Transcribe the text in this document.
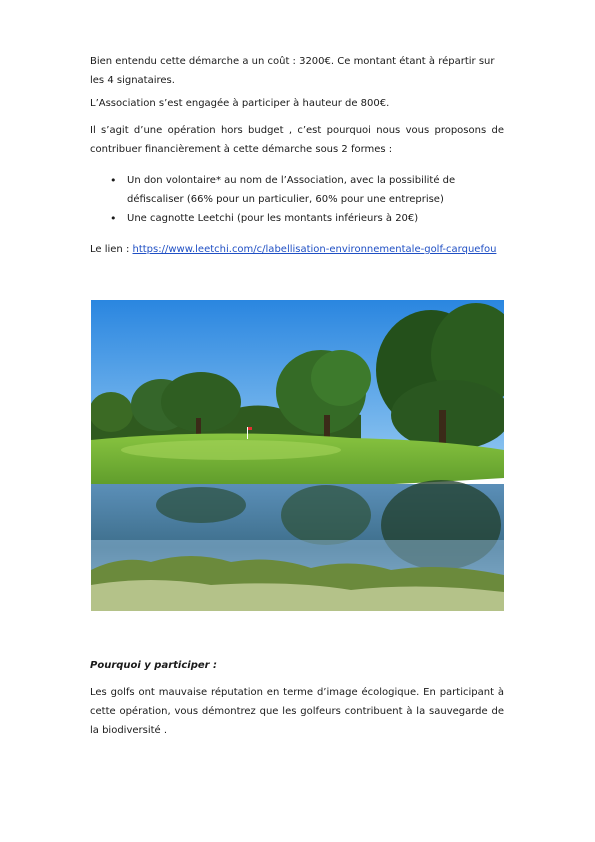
Bien entendu cette démarche a un coût : 3200€. Ce montant étant à répartir sur les 4 signataires.

L’Association s’est engagée à participer à hauteur de 800€.

Il s’agit d’une opération hors budget , c’est pourquoi nous vous proposons de contribuer financièrement à cette démarche sous 2 formes :

• Un don volontaire* au nom de l’Association, avec la possibilité de défiscaliser (66% pour un particulier, 60% pour une entreprise)
• Une cagnotte Leetchi (pour les montants inférieurs à 20€)

Le lien : https://www.leetchi.com/c/labellisation-environnementale-golf-carquefou

Pourquoi y participer :

Les golfs ont mauvaise réputation en terme d’image écologique. En participant à cette opération, vous démontrez que les golfeurs contribuent à la sauvegarde de la biodiversité .
